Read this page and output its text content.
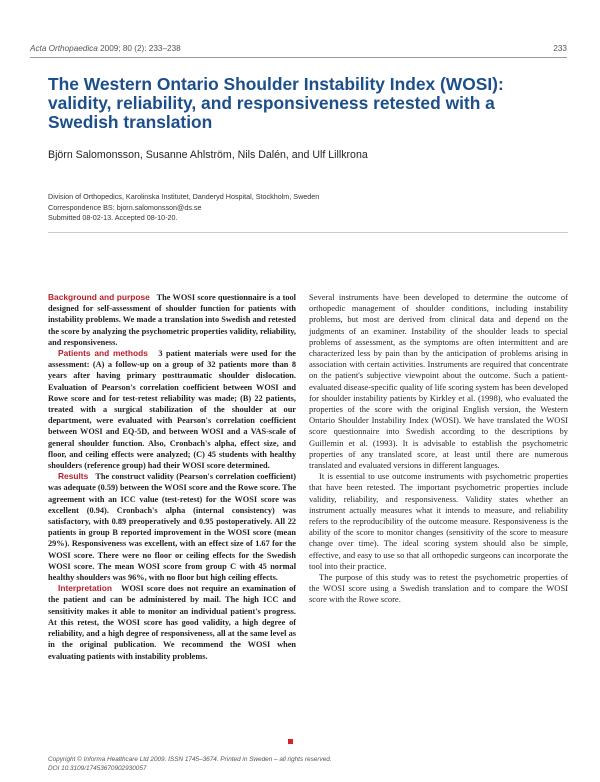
Acta Orthopaedica 2009; 80 (2): 233–238	233
The Western Ontario Shoulder Instability Index (WOSI): validity, reliability, and responsiveness retested with a Swedish translation
Björn Salomonsson, Susanne Ahlström, Nils Dalén, and Ulf Lillkrona
Division of Orthopedics, Karolinska Institutet, Danderyd Hospital, Stockholm, Sweden
Correspondence BS: bjorn.salomonsson@ds.se
Submitted 08-02-13. Accepted 08-10-20.

Background and purpose The WOSI score questionnaire is a tool designed for self-assessment of shoulder function for patients with instability problems. We made a translation into Swedish and retested the score by analyzing the psychometric properties validity, reliability, and responsiveness.

Patients and methods 3 patient materials were used for the assessment: (A) a follow-up on a group of 32 patients more than 8 years after having primary posttraumatic shoulder dislocation. Evaluation of Pearson's correlation coefficient between WOSI and Rowe score and for test-retest reliability was made; (B) 22 patients, treated with a surgical stabilization of the shoulder at our department, were evaluated with Pearson's correlation coefficient between WOSI and EQ-5D, and between WOSI and a VAS-scale of general shoulder function. Also, Cronbach's alpha, effect size, and floor, and ceiling effects were analyzed; (C) 45 students with healthy shoulders (reference group) had their WOSI score determined.

Results The construct validity (Pearson's correlation coefficient) was adequate (0.59) between the WOSI score and the Rowe score. The agreement with an ICC value (test-retest) for the WOSI score was excellent (0.94). Cronbach's alpha (internal consistency) was satisfactory, with 0.89 preoperatively and 0.95 postoperatively. All 22 patients in group B reported improvement in the WOSI score (mean 29%). Responsiveness was excellent, with an effect size of 1.67 for the WOSI score. There were no floor or ceiling effects for the Swedish WOSI score. The mean WOSI score from group C with 45 normal healthy shoulders was 96%, with no floor but high ceiling effects.

Interpretation WOSI score does not require an examination of the patient and can be administered by mail. The high ICC and sensitivity makes it able to monitor an individual patient's progress. At this retest, the WOSI score has good validity, a high degree of reliability, and a high degree of responsiveness, all at the same level as in the original publication. We recommend the WOSI when evaluating patients with instability problems.

Several instruments have been developed to determine the outcome of orthopedic management of shoulder conditions, including instability problems, but most are derived from clinical data and depend on the judgments of an examiner. Instability of the shoulder leads to special problems of assessment, as the symptoms are often intermittent and are characterized less by pain than by the anticipation of problems arising in association with certain activities. Instruments are required that concentrate on the patient's subjective viewpoint about the outcome. Such a patient-evaluated disease-specific quality of life scoring system has been developed for shoulder instability patients by Kirkley et al. (1998), who evaluated the properties of the score with the original English version, the Western Ontario Shoulder Instability Index (WOSI). We have translated the WOSI score questionnaire into Swedish according to the descriptions by Guillemin et al. (1993). It is advisable to establish the psychometric properties of any translated score, at least until there are numerous translated and evaluated versions in different languages.

It is essential to use outcome instruments with psychometric properties that have been retested. The important psychometric properties include validity, reliability, and responsiveness. Validity states whether an instrument actually measures what it intends to measure, and reliability refers to the reproducibility of the outcome measure. Responsiveness is the ability of the score to monitor changes (sensitivity of the score to measure change over time). The ideal scoring system should also be simple, effective, and easy to use so that all orthopedic surgeons can incorporate the tool into their practice.

The purpose of this study was to retest the psychometric properties of the WOSI score using a Swedish translation and to compare the WOSI score with the Rowe score.

Copyright © Informa Healthcare Ltd 2009. ISSN 1745–3674. Printed in Sweden – all rights reserved.
DOI 10.3109/17453670902930057
